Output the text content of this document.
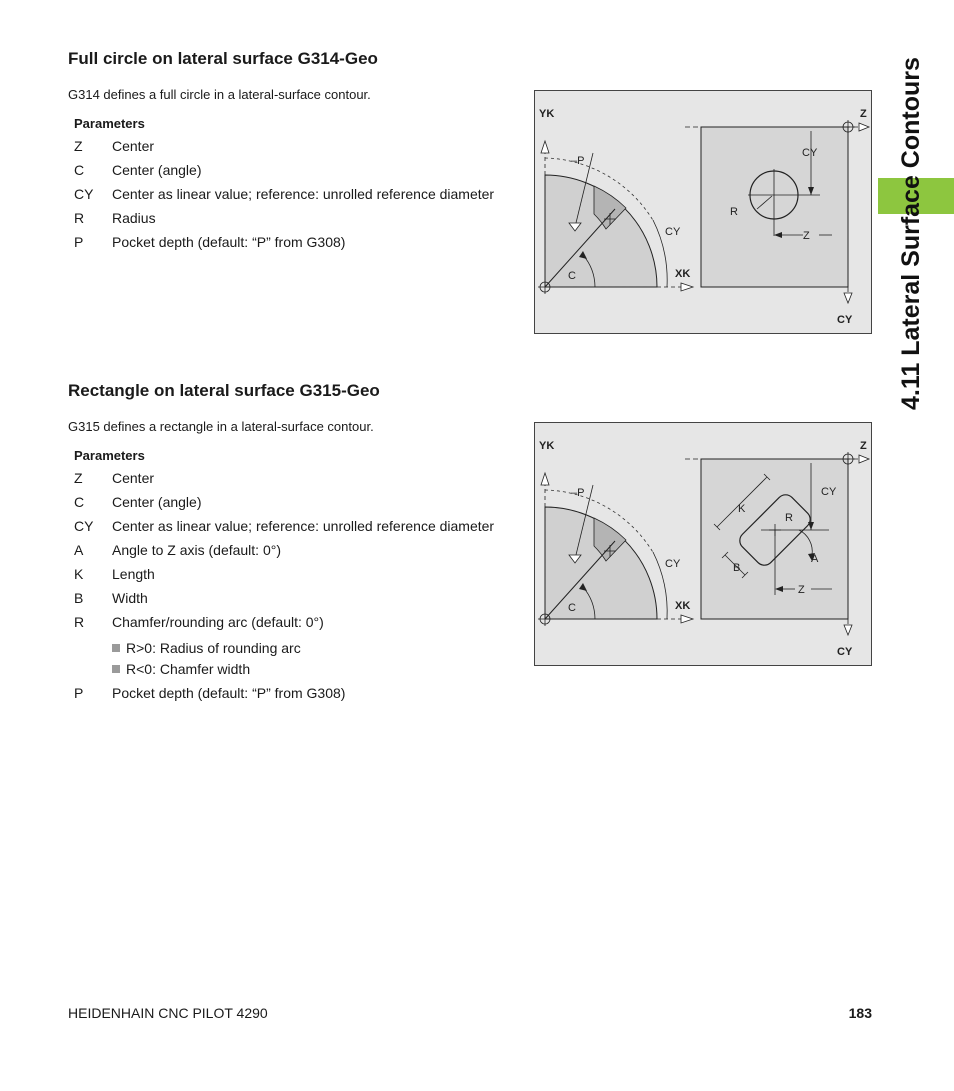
4.11 Lateral Surface Contours
Full circle on lateral surface G314-Geo

G314 defines a full circle in a lateral-surface contour.

Parameters

Z	Center
C	Center (angle)
CY	Center as linear value; reference: unrolled reference diameter
R	Radius
P	Pocket depth (default: “P” from G308)
YK	Z
–P
CY
C	XK
CY
R
Z
CY
Rectangle on lateral surface G315-Geo

G315 defines a rectangle in a lateral-surface contour.

Parameters

Z	Center
C	Center (angle)
CY	Center as linear value; reference: unrolled reference diameter
A	Angle to Z axis (default: 0°)
K	Length
B	Width
R	Chamfer/rounding arc (default: 0°)
R>0: Radius of rounding arc
R<0: Chamfer width
P	Pocket depth (default: “P” from G308)
YK	Z
–P
CY
C	XK
CY
K
R
A
B
Z
CY
HEIDENHAIN CNC PILOT 4290	183
